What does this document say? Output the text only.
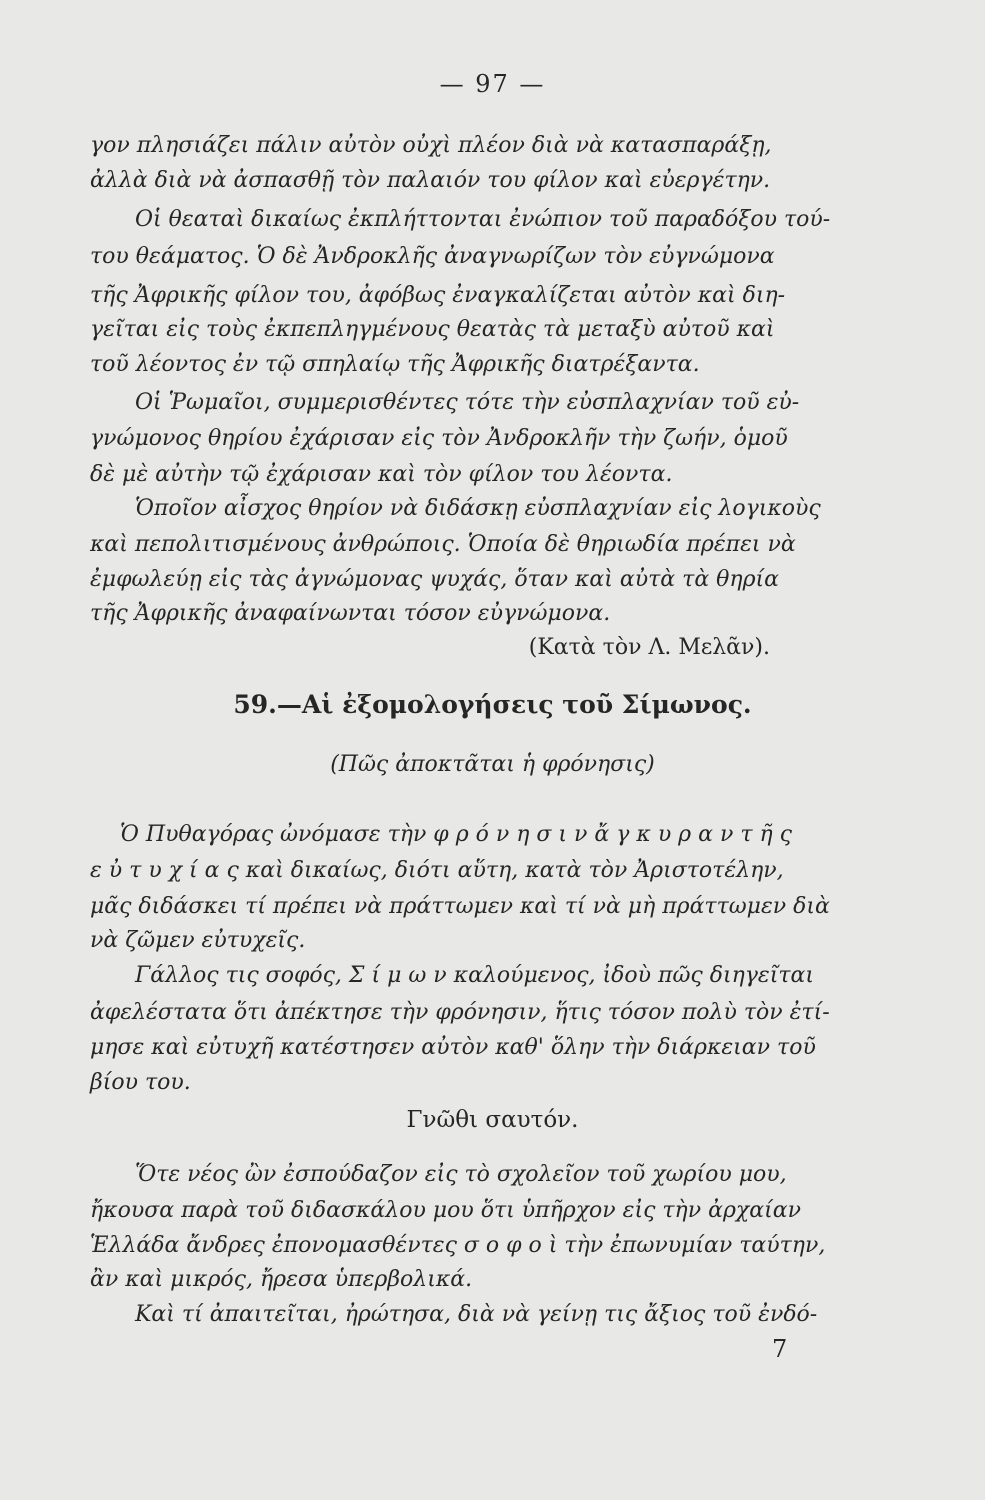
— 97 —
γον πλησιάζει πάλιν αὐτὸν οὐχὶ πλέον διὰ νὰ κατασπαράξῃ,
ἀλλὰ διὰ νὰ ἀσπασθῇ τὸν παλαιόν του φίλον καὶ εὐεργέτην.
Οἱ θεαταὶ δικαίως ἐκπλήττονται ἐνώπιον τοῦ παραδόξου τού-
του θεάματος. Ὁ δὲ Ἀνδροκλῆς ἀναγνωρίζων τὸν εὐγνώμονα
τῆς Ἀφρικῆς φίλον του, ἀφόβως ἐναγκαλίζεται αὐτὸν καὶ διη-
γεῖται εἰς τοὺς ἐκπεπληγμένους θεατὰς τὰ μεταξὺ αὐτοῦ καὶ
τοῦ λέοντος ἐν τῷ σπηλαίῳ τῆς Ἀφρικῆς διατρέξαντα.
Οἱ Ῥωμαῖοι, συμμερισθέντες τότε τὴν εὐσπλαχνίαν τοῦ εὐ-
γνώμονος θηρίου ἐχάρισαν εἰς τὸν Ἀνδροκλῆν τὴν ζωήν, ὁμοῦ
δὲ μὲ αὐτὴν τῷ ἐχάρισαν καὶ τὸν φίλον του λέοντα.
Ὁποῖον αἶσχος θηρίον νὰ διδάσκῃ εὐσπλαχνίαν εἰς λογικοὺς
καὶ πεπολιτισμένους ἀνθρώποις. Ὁποία δὲ θηριωδία πρέπει νὰ
ἐμφωλεύῃ εἰς τὰς ἀγνώμονας ψυχάς, ὅταν καὶ αὐτὰ τὰ θηρία
τῆς Ἀφρικῆς ἀναφαίνωνται τόσον εὐγνώμονα.
(Κατὰ τὸν Λ. Μελᾶν).
59.—Αἱ ἐξομολογήσεις τοῦ Σίμωνος.
(Πῶς ἀποκτᾶται ἡ φρόνησις)
Ὁ Πυθαγόρας ὠνόμασε τὴν φ ρ ό ν η σ ι ν ἄ γ κ υ ρ α ν τ ῆ ς
ε ὐ τ υ χ ί α ς καὶ δικαίως, διότι αὕτη, κατὰ τὸν Ἀριστοτέλην,
μᾶς διδάσκει τί πρέπει νὰ πράττωμεν καὶ τί νὰ μὴ πράττωμεν διὰ
νὰ ζῶμεν εὐτυχεῖς.
Γάλλος τις σοφός, Σ ί μ ω ν καλούμενος, ἰδοὺ πῶς διηγεῖται
ἀφελέστατα ὅτι ἀπέκτησε τὴν φρόνησιν, ἥτις τόσον πολὺ τὸν ἐτί-
μησε καὶ εὐτυχῆ κατέστησεν αὐτὸν καθ' ὅλην τὴν διάρκειαν τοῦ
βίου του.
Γνῶθι σαυτόν.
Ὅτε νέος ὢν ἐσπούδαζον εἰς τὸ σχολεῖον τοῦ χωρίου μου,
ἤκουσα παρὰ τοῦ διδασκάλου μου ὅτι ὑπῆρχον εἰς τὴν ἀρχαίαν
Ἑλλάδα ἄνδρες ἐπονομασθέντες σ ο φ ο ὶ τὴν ἐπωνυμίαν ταύτην,
ἂν καὶ μικρός, ἤρεσα ὑπερβολικά.
Καὶ τί ἀπαιτεῖται, ἠρώτησα, διὰ νὰ γείνῃ τις ἄξιος τοῦ ἐνδό-
7
